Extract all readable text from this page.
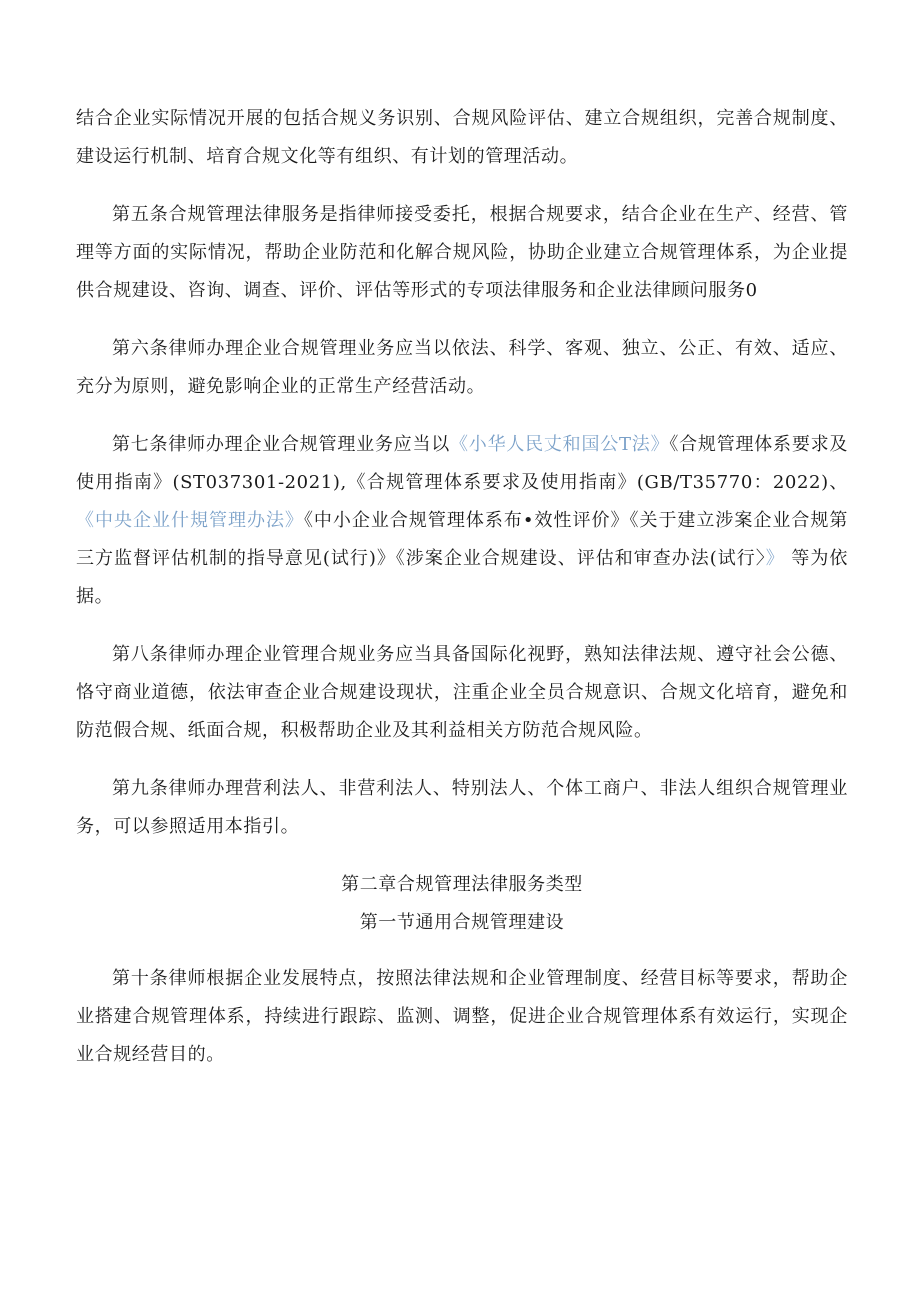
结合企业实际情况开展的包括合规义务识别、合规风险评估、建立合规组织，完善合规制度、建设运行机制、培育合规文化等有组织、有计划的管理活动。

第五条合规管理法律服务是指律师接受委托，根据合规要求，结合企业在生产、经营、管理等方面的实际情况，帮助企业防范和化解合规风险，协助企业建立合规管理体系，为企业提供合规建设、咨询、调查、评价、评估等形式的专项法律服务和企业法律顾问服务0

第六条律师办理企业合规管理业务应当以依法、科学、客观、独立、公正、有效、适应、充分为原则，避免影响企业的正常生产经营活动。

第七条律师办理企业合规管理业务应当以《小华人民丈和国公T法》《合规管理体系要求及使用指南》(ST037301-2021),《合规管理体系要求及使用指南》(GB/T35770：2022)、《中央企业什規管理办法》《中小企业合规管理体系布•效性评价》《关于建立涉案企业合规第三方监督评估机制的指导意见(试行)》《涉案企业合规建设、评估和审查办法(试行〉》 等为依据。

第八条律师办理企业管理合规业务应当具备国际化视野，熟知法律法规、遵守社会公德、恪守商业道德，依法审查企业合规建设现状，注重企业全员合规意识、合规文化培育，避免和防范假合规、纸面合规，积极帮助企业及其利益相关方防范合规风险。

第九条律师办理营利法人、非营利法人、特别法人、个体工商户、非法人组织合规管理业务，可以参照适用本指引。

第二章合规管理法律服务类型

第一节通用合规管理建设

第十条律师根据企业发展特点，按照法律法规和企业管理制度、经营目标等要求，帮助企业搭建合规管理体系，持续进行跟踪、监测、调整，促进企业合规管理体系有效运行，实现企业合规经营目的。
